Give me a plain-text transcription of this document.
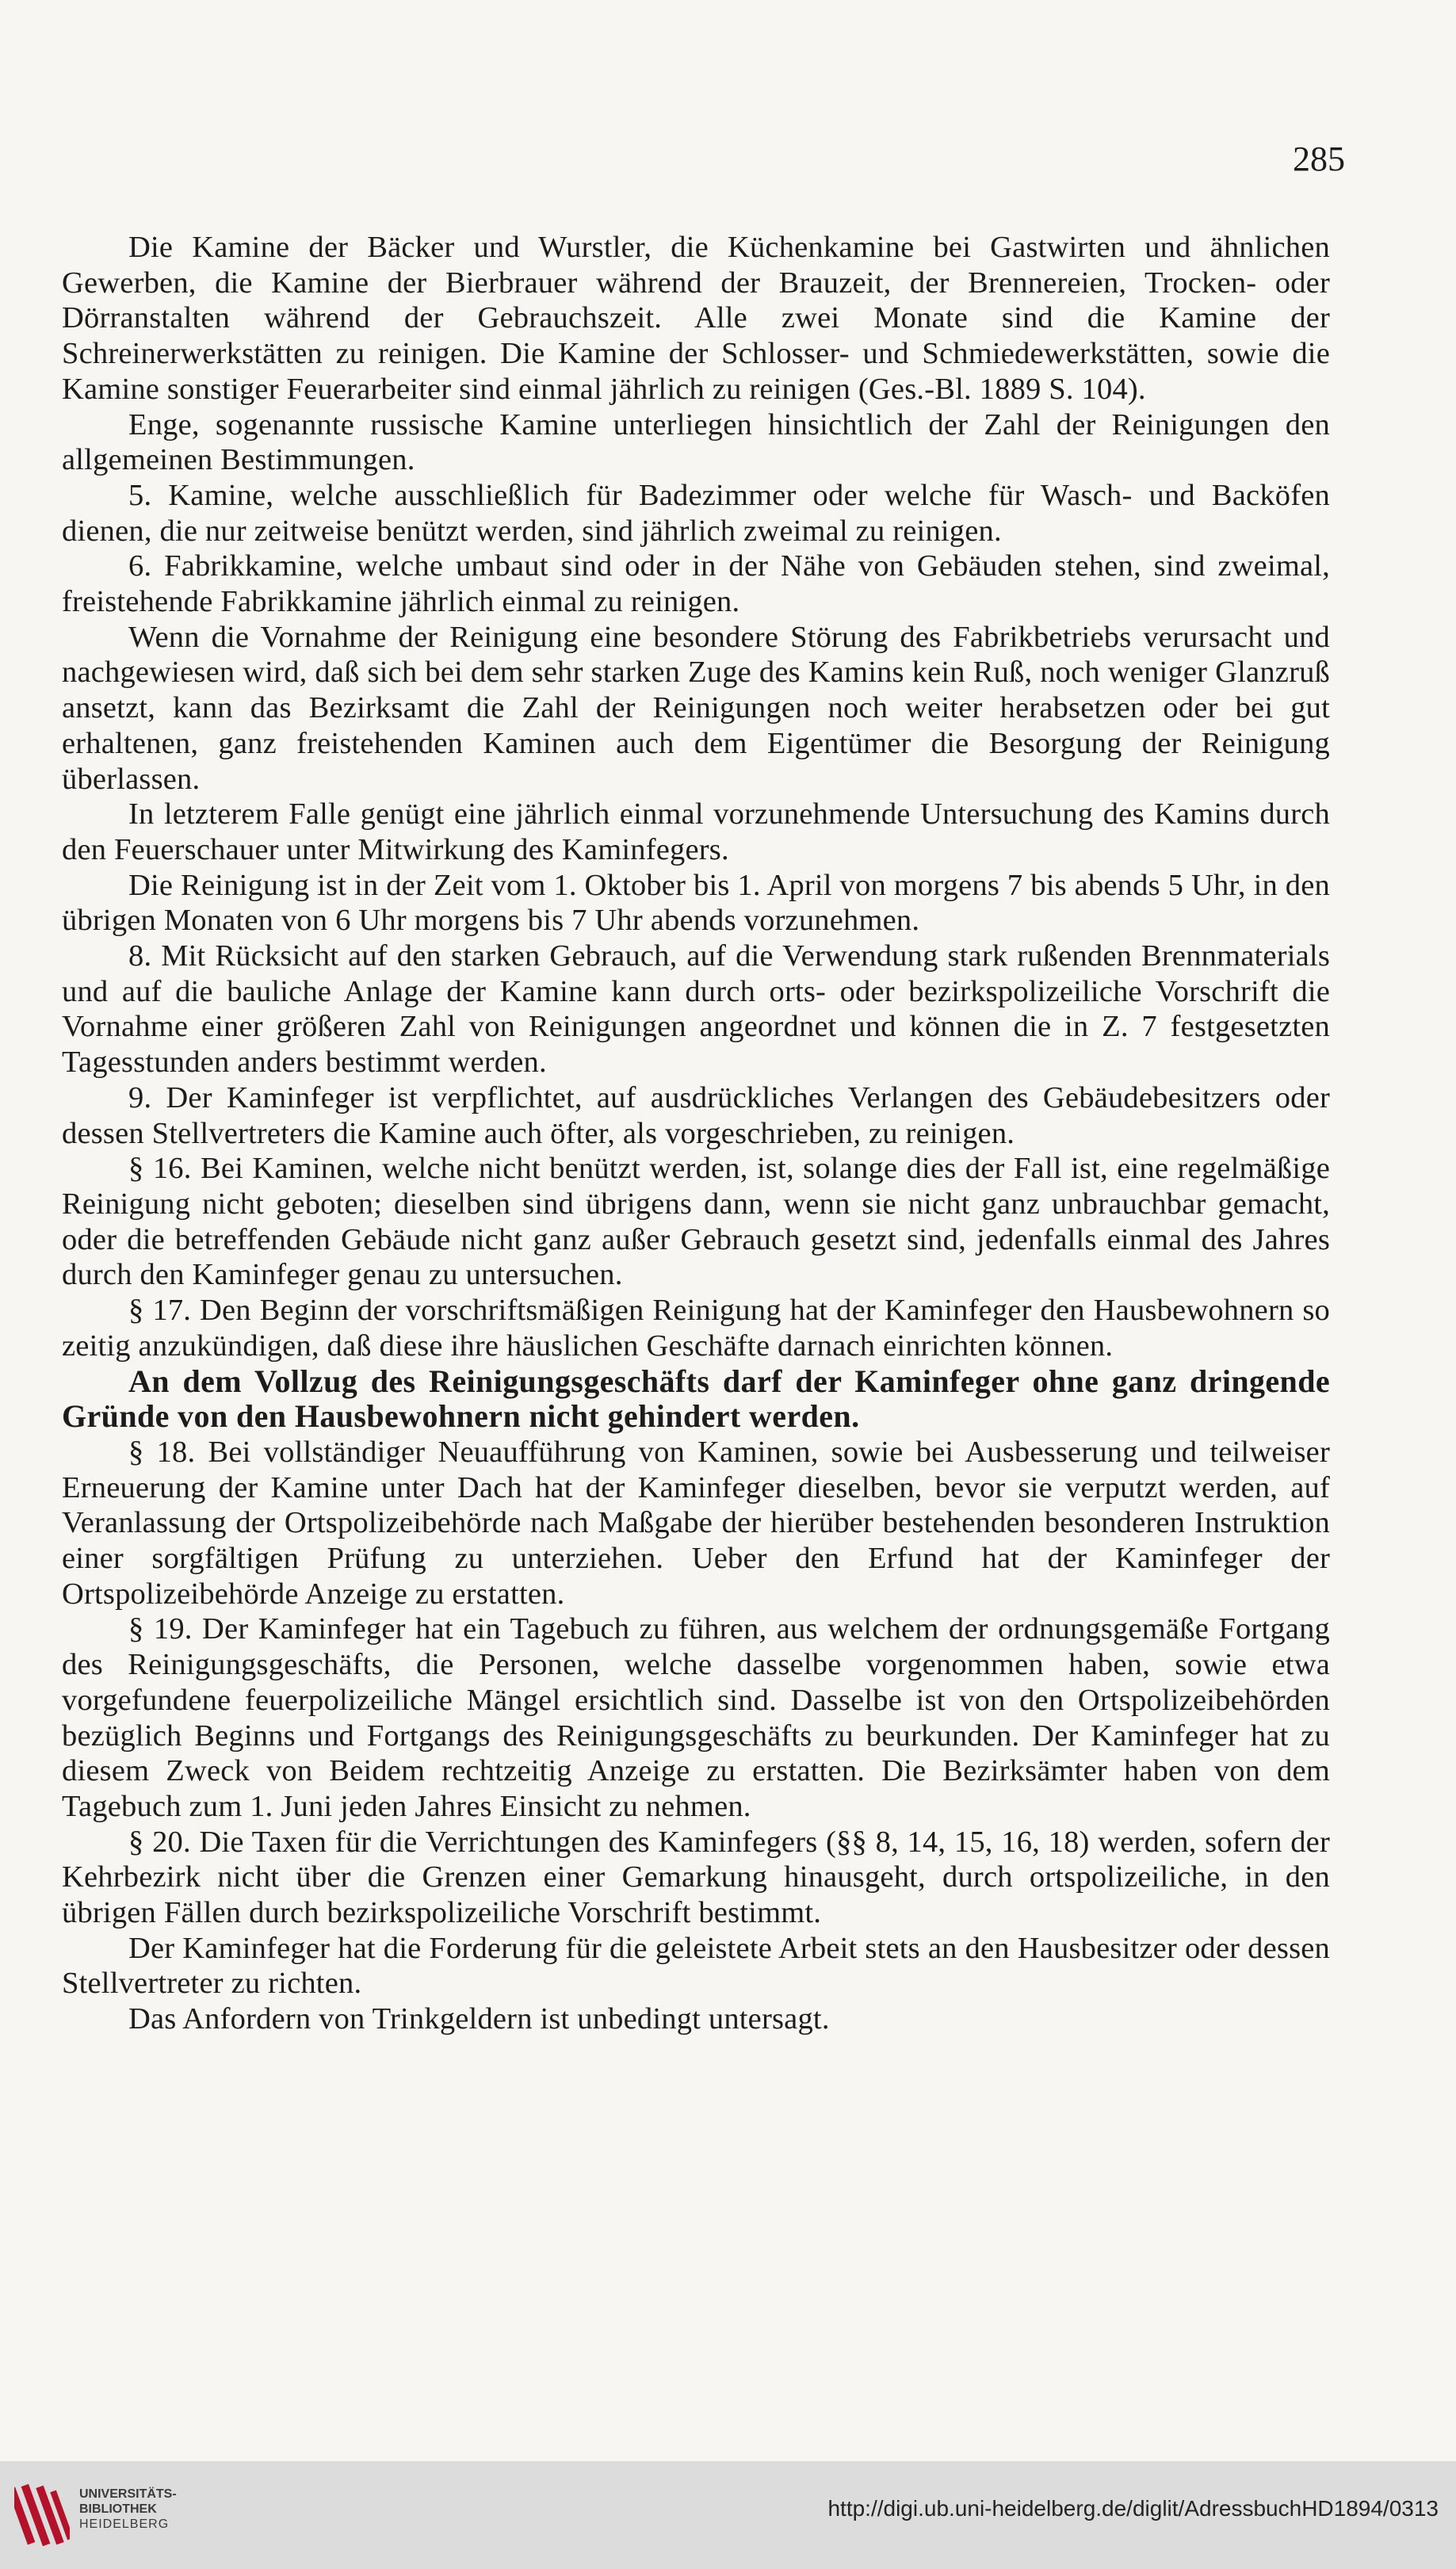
285

Die Kamine der Bäcker und Wurstler, die Küchenkamine bei Gastwirten und ähnlichen Gewerben, die Kamine der Bierbrauer während der Brauzeit, der Brennereien, Trocken- oder Dörranstalten während der Gebrauchszeit. Alle zwei Monate sind die Kamine der Schreinerwerkstätten zu reinigen. Die Kamine der Schlosser- und Schmiedewerkstätten, sowie die Kamine sonstiger Feuerarbeiter sind einmal jährlich zu reinigen (Ges.-Bl. 1889 S. 104).

Enge, sogenannte russische Kamine unterliegen hinsichtlich der Zahl der Reinigungen den allgemeinen Bestimmungen.

5. Kamine, welche ausschließlich für Badezimmer oder welche für Wasch- und Backöfen dienen, die nur zeitweise benützt werden, sind jährlich zweimal zu reinigen.

6. Fabrikkamine, welche umbaut sind oder in der Nähe von Gebäuden stehen, sind zweimal, freistehende Fabrikkamine jährlich einmal zu reinigen.

Wenn die Vornahme der Reinigung eine besondere Störung des Fabrikbetriebs verursacht und nachgewiesen wird, daß sich bei dem sehr starken Zuge des Kamins kein Ruß, noch weniger Glanzruß ansetzt, kann das Bezirksamt die Zahl der Reinigungen noch weiter herabsetzen oder bei gut erhaltenen, ganz freistehenden Kaminen auch dem Eigentümer die Besorgung der Reinigung überlassen.

In letzterem Falle genügt eine jährlich einmal vorzunehmende Untersuchung des Kamins durch den Feuerschauer unter Mitwirkung des Kaminfegers.

Die Reinigung ist in der Zeit vom 1. Oktober bis 1. April von morgens 7 bis abends 5 Uhr, in den übrigen Monaten von 6 Uhr morgens bis 7 Uhr abends vorzunehmen.

8. Mit Rücksicht auf den starken Gebrauch, auf die Verwendung stark rußenden Brennmaterials und auf die bauliche Anlage der Kamine kann durch orts- oder bezirkspolizeiliche Vorschrift die Vornahme einer größeren Zahl von Reinigungen angeordnet und können die in Z. 7 festgesetzten Tagesstunden anders bestimmt werden.

9. Der Kaminfeger ist verpflichtet, auf ausdrückliches Verlangen des Gebäudebesitzers oder dessen Stellvertreters die Kamine auch öfter, als vorgeschrieben, zu reinigen.

§ 16. Bei Kaminen, welche nicht benützt werden, ist, solange dies der Fall ist, eine regelmäßige Reinigung nicht geboten; dieselben sind übrigens dann, wenn sie nicht ganz unbrauchbar gemacht, oder die betreffenden Gebäude nicht ganz außer Gebrauch gesetzt sind, jedenfalls einmal des Jahres durch den Kaminfeger genau zu untersuchen.

§ 17. Den Beginn der vorschriftsmäßigen Reinigung hat der Kaminfeger den Hausbewohnern so zeitig anzukündigen, daß diese ihre häuslichen Geschäfte darnach einrichten können.

An dem Vollzug des Reinigungsgeschäfts darf der Kaminfeger ohne ganz dringende Gründe von den Hausbewohnern nicht gehindert werden.

§ 18. Bei vollständiger Neuaufführung von Kaminen, sowie bei Ausbesserung und teilweiser Erneuerung der Kamine unter Dach hat der Kaminfeger dieselben, bevor sie verputzt werden, auf Veranlassung der Ortspolizeibehörde nach Maßgabe der hierüber bestehenden besonderen Instruktion einer sorgfältigen Prüfung zu unterziehen. Ueber den Erfund hat der Kaminfeger der Ortspolizeibehörde Anzeige zu erstatten.

§ 19. Der Kaminfeger hat ein Tagebuch zu führen, aus welchem der ordnungsgemäße Fortgang des Reinigungsgeschäfts, die Personen, welche dasselbe vorgenommen haben, sowie etwa vorgefundene feuerpolizeiliche Mängel ersichtlich sind. Dasselbe ist von den Ortspolizeibehörden bezüglich Beginns und Fortgangs des Reinigungsgeschäfts zu beurkunden. Der Kaminfeger hat zu diesem Zweck von Beidem rechtzeitig Anzeige zu erstatten. Die Bezirksämter haben von dem Tagebuch zum 1. Juni jeden Jahres Einsicht zu nehmen.

§ 20. Die Taxen für die Verrichtungen des Kaminfegers (§§ 8, 14, 15, 16, 18) werden, sofern der Kehrbezirk nicht über die Grenzen einer Gemarkung hinausgeht, durch ortspolizeiliche, in den übrigen Fällen durch bezirkspolizeiliche Vorschrift bestimmt.

Der Kaminfeger hat die Forderung für die geleistete Arbeit stets an den Hausbesitzer oder dessen Stellvertreter zu richten.

Das Anfordern von Trinkgeldern ist unbedingt untersagt.

UNIVERSITÄTS-
BIBLIOTHEK
HEIDELBERG
http://digi.ub.uni-heidelberg.de/diglit/AdressbuchHD1894/0313
